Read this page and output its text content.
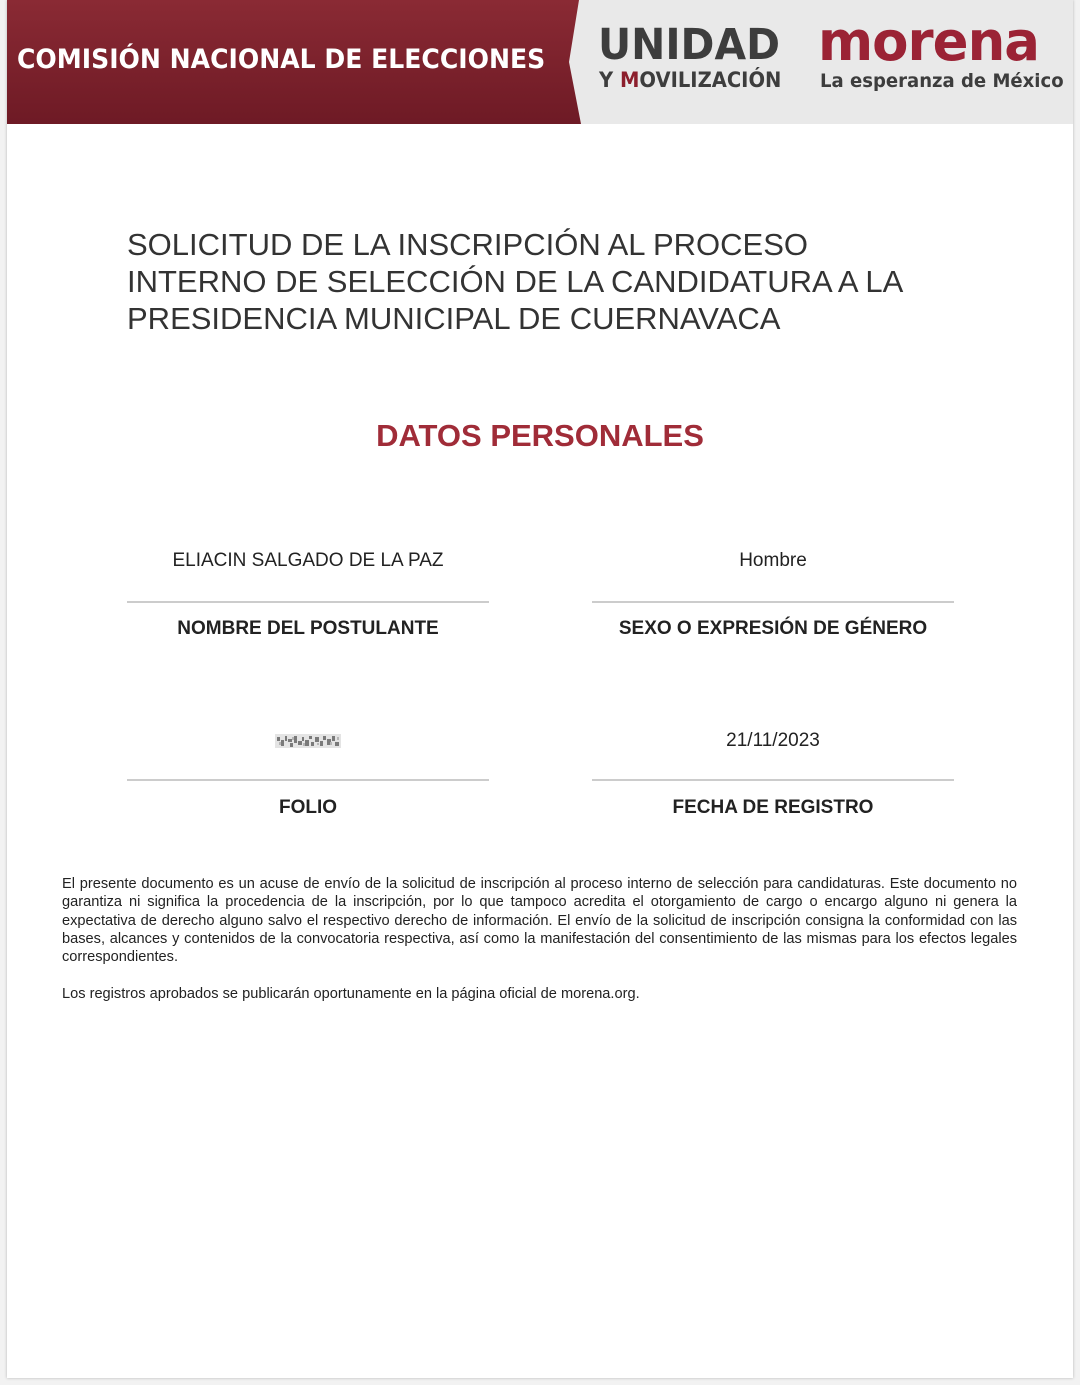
COMISIÓN NACIONAL DE ELECCIONES UNIDAD
Y MOVILIZACIÓN
morena
La esperanza de México
SOLICITUD DE LA INSCRIPCIÓN AL PROCESO
INTERNO DE SELECCIÓN DE LA CANDIDATURA A LA
PRESIDENCIA MUNICIPAL DE CUERNAVACA
DATOS PERSONALES
ELIACIN SALGADO DE LA PAZ
NOMBRE DEL POSTULANTE
Hombre
SEXO O EXPRESIÓN DE GÉNERO
FOLIO
21/11/2023
FECHA DE REGISTRO

El presente documento es un acuse de envío de la solicitud de inscripción al proceso interno de selección para candidaturas. Este documento no garantiza ni significa la procedencia de la inscripción, por lo que tampoco acredita el otorgamiento de cargo o encargo alguno ni genera la expectativa de derecho alguno salvo el respectivo derecho de información. El envío de la solicitud de inscripción consigna la conformidad con las bases, alcances y contenidos de la convocatoria respectiva, así como la manifestación del consentimiento de las mismas para los efectos legales correspondientes.

Los registros aprobados se publicarán oportunamente en la página oficial de morena.org.
